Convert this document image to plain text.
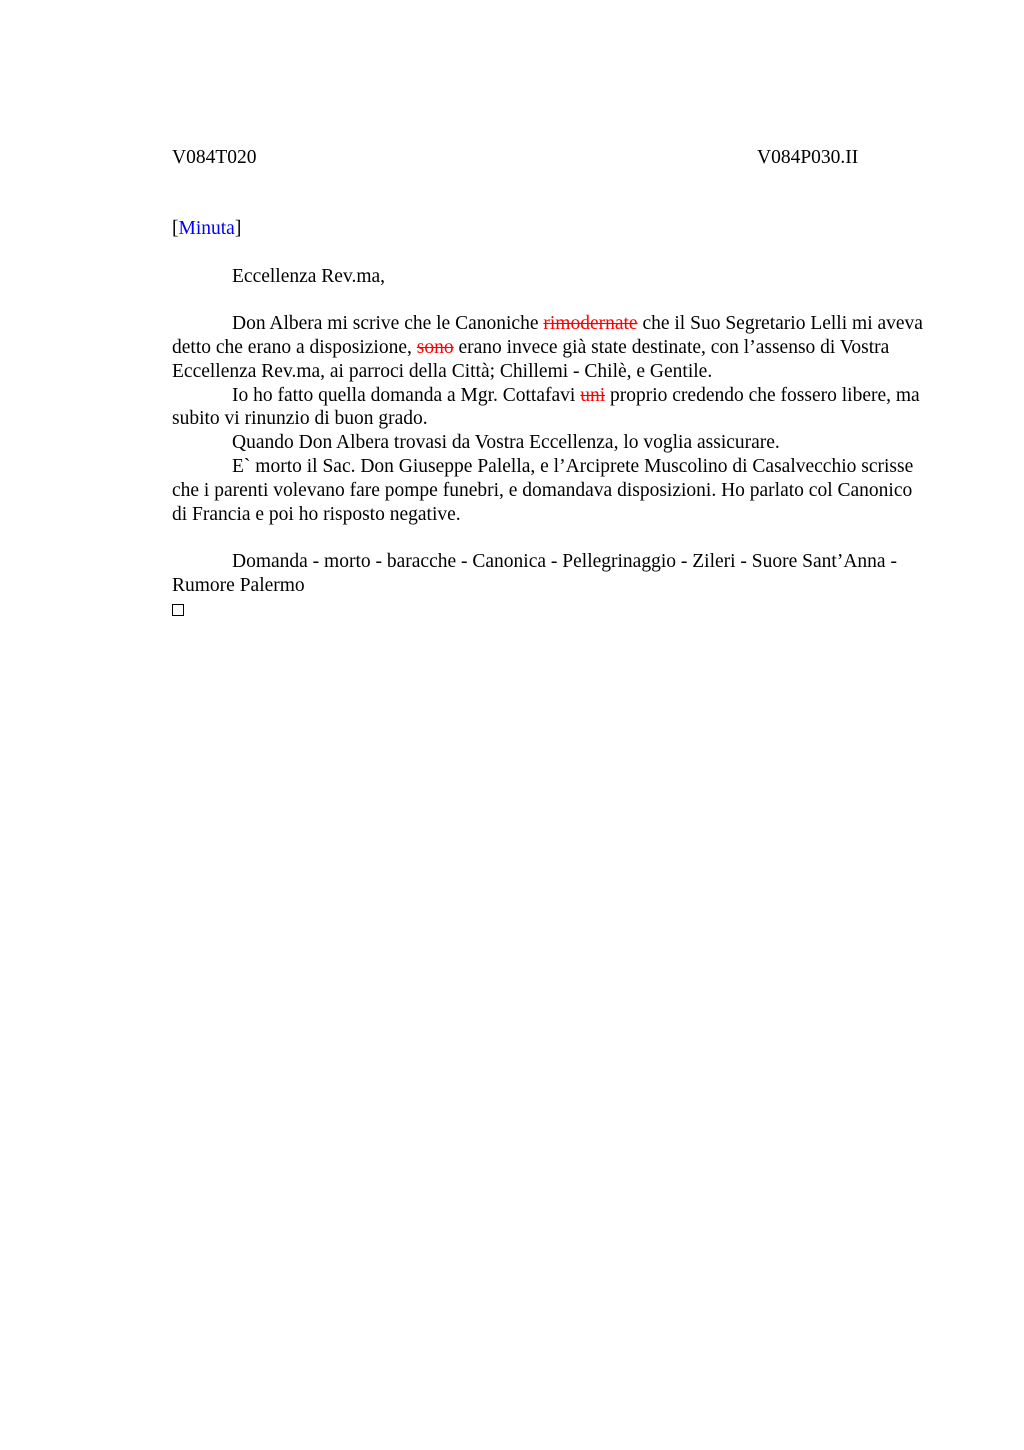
V084T020	V084P030.II

[Minuta]

Eccellenza Rev.ma,

Don Albera mi scrive che le Canoniche rimodernate che il Suo Segretario Lelli mi aveva detto che erano a disposizione, sono erano invece già state destinate, con l’assenso di Vostra Eccellenza Rev.ma, ai parroci della Città; Chillemi - Chilè, e Gentile.

Io ho fatto quella domanda a Mgr. Cottafavi uni proprio credendo che fossero libere, ma subito vi rinunzio di buon grado.

Quando Don Albera trovasi da Vostra Eccellenza, lo voglia assicurare.

E` morto il Sac. Don Giuseppe Palella, e l’Arciprete Muscolino di Casalvecchio scrisse che i parenti volevano fare pompe funebri, e domandava disposizioni. Ho parlato col Canonico di Francia e poi ho risposto negative.

Domanda - morto - baracche - Canonica - Pellegrinaggio - Zileri - Suore Sant’Anna - Rumore Palermo
